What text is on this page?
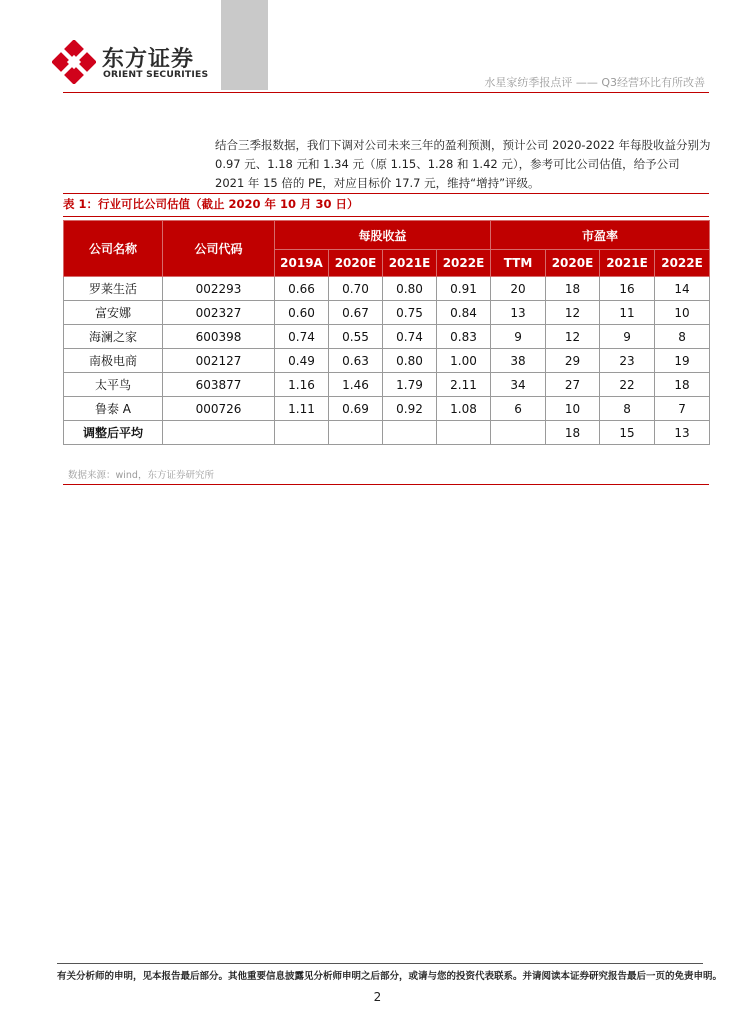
东方证券
ORIENT SECURITIES
水星家纺季报点评 —— Q3经营环比有所改善

结合三季报数据，我们下调对公司未来三年的盈利预测，预计公司 2020-2022 年每股收益分别为 0.97 元、1.18 元和 1.34 元（原 1.15、1.28 和 1.42 元），参考可比公司估值，给予公司 2021 年 15 倍的 PE，对应目标价 17.7 元，维持“增持”评级。

表 1：行业可比公司估值（截止 2020 年 10 月 30 日）
公司名称	公司代码	每股收益				市盈率			
		2019A	2020E	2021E	2022E	TTM	2020E	2021E	2022E
罗莱生活	002293	0.66	0.70	0.80	0.91	20	18	16	14
富安娜	002327	0.60	0.67	0.75	0.84	13	12	11	10
海澜之家	600398	0.74	0.55	0.74	0.83	9	12	9	8
南极电商	002127	0.49	0.63	0.80	1.00	38	29	23	19
太平鸟	603877	1.16	1.46	1.79	2.11	34	27	22	18
鲁泰 A	000726	1.11	0.69	0.92	1.08	6	10	8	7
调整后平均							18	15	13
数据来源：wind，东方证券研究所
有关分析师的申明，见本报告最后部分。其他重要信息披露见分析师申明之后部分，或请与您的投资代表联系。并请阅读本证券研究报告最后一页的免责申明。
2
